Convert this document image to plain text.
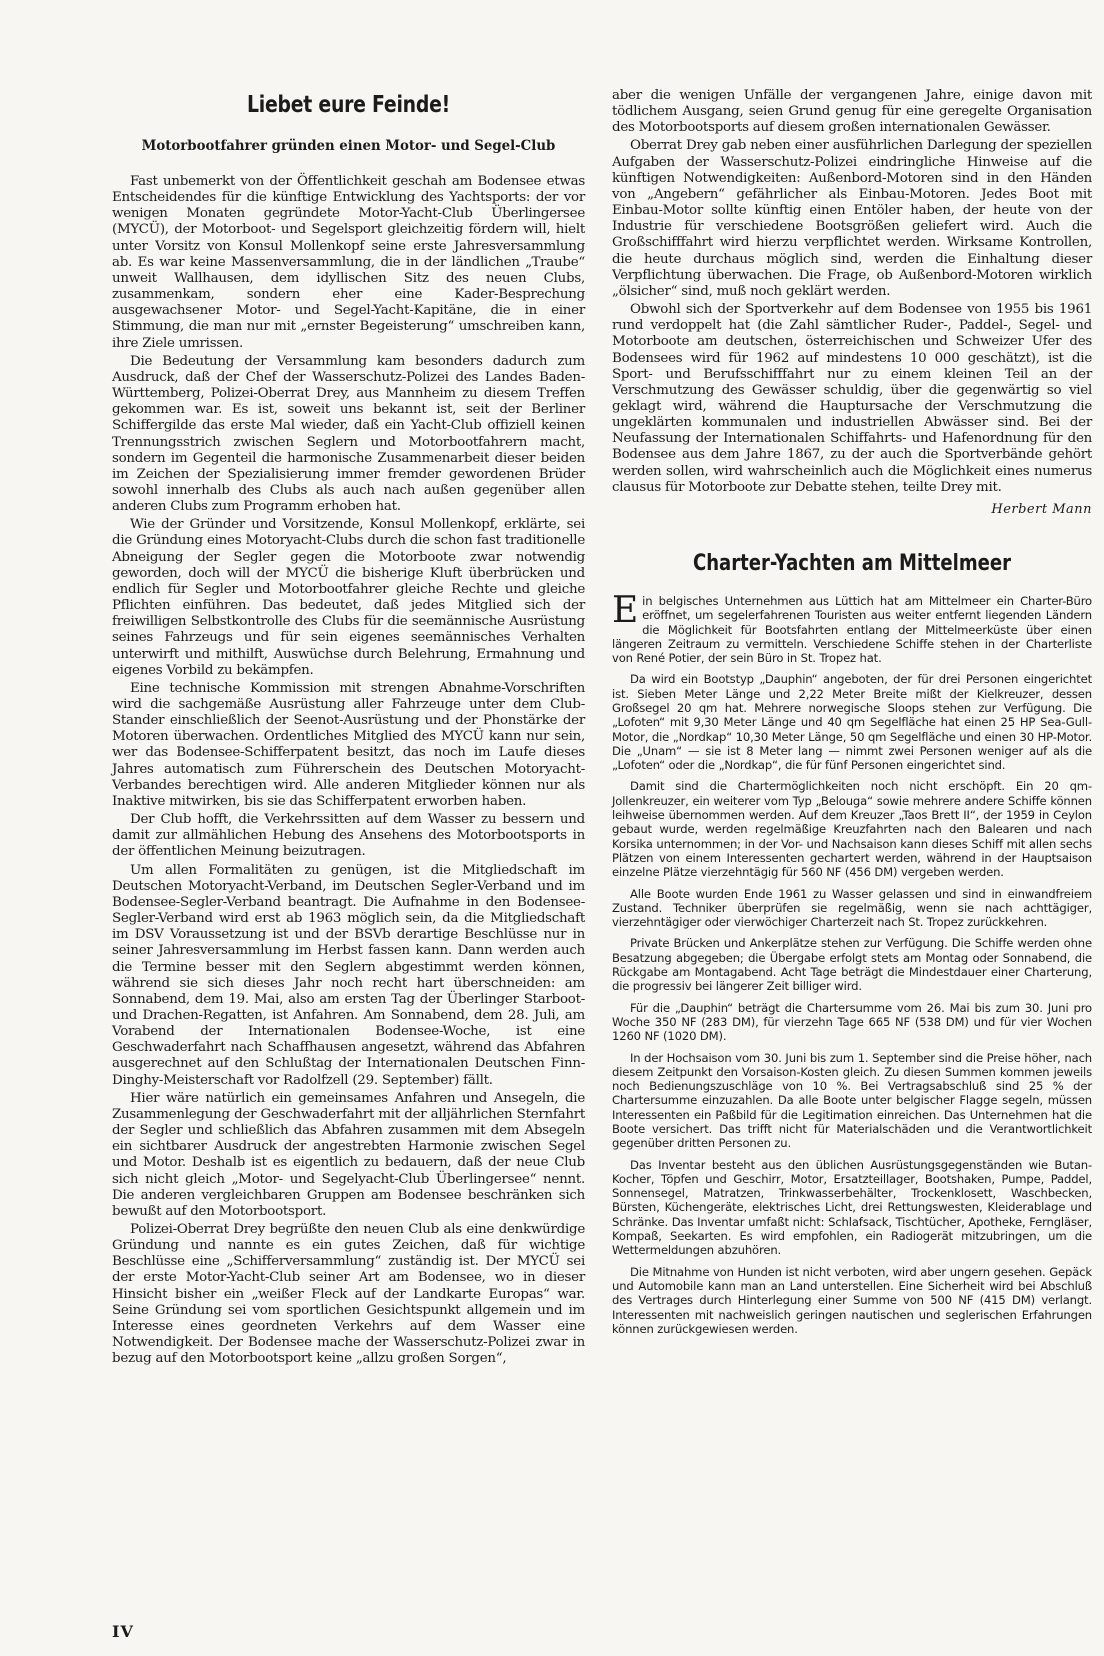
Liebet eure Feinde!
Motorbootfahrer gründen einen Motor- und Segel-Club

Fast unbemerkt von der Öffentlichkeit geschah am Bodensee etwas Entscheidendes für die künftige Entwicklung des Yachtsports: der vor wenigen Monaten gegründete Motor-Yacht-Club Überlingersee (MYCÜ), der Motorboot- und Segelsport gleichzeitig fördern will, hielt unter Vorsitz von Konsul Mollenkopf seine erste Jahresversammlung ab. Es war keine Massenversammlung, die in der ländlichen „Traube“ unweit Wallhausen, dem idyllischen Sitz des neuen Clubs, zusammenkam, sondern eher eine Kader-Besprechung ausgewachsener Motor- und Segel-Yacht-Kapitäne, die in einer Stimmung, die man nur mit „ernster Begeisterung“ umschreiben kann, ihre Ziele umrissen.

Die Bedeutung der Versammlung kam besonders dadurch zum Ausdruck, daß der Chef der Wasserschutz-Polizei des Landes Baden-Württemberg, Polizei-Oberrat Drey, aus Mannheim zu diesem Treffen gekommen war. Es ist, soweit uns bekannt ist, seit der Berliner Schiffergilde das erste Mal wieder, daß ein Yacht-Club offiziell keinen Trennungsstrich zwischen Seglern und Motorbootfahrern macht, sondern im Gegenteil die harmonische Zusammenarbeit dieser beiden im Zeichen der Spezialisierung immer fremder gewordenen Brüder sowohl innerhalb des Clubs als auch nach außen gegenüber allen anderen Clubs zum Programm erhoben hat.

Wie der Gründer und Vorsitzende, Konsul Mollenkopf, erklärte, sei die Gründung eines Motoryacht-Clubs durch die schon fast traditionelle Abneigung der Segler gegen die Motorboote zwar notwendig geworden, doch will der MYCÜ die bisherige Kluft überbrücken und endlich für Segler und Motorbootfahrer gleiche Rechte und gleiche Pflichten einführen. Das bedeutet, daß jedes Mitglied sich der freiwilligen Selbstkontrolle des Clubs für die seemännische Ausrüstung seines Fahrzeugs und für sein eigenes seemännisches Verhalten unterwirft und mithilft, Auswüchse durch Belehrung, Ermahnung und eigenes Vorbild zu bekämpfen.

Eine technische Kommission mit strengen Abnahme-Vorschriften wird die sachgemäße Ausrüstung aller Fahrzeuge unter dem Club-Stander einschließlich der Seenot-Ausrüstung und der Phonstärke der Motoren überwachen. Ordentliches Mitglied des MYCÜ kann nur sein, wer das Bodensee-Schifferpatent besitzt, das noch im Laufe dieses Jahres automatisch zum Führerschein des Deutschen Motoryacht-Verbandes berechtigen wird. Alle anderen Mitglieder können nur als Inaktive mitwirken, bis sie das Schifferpatent erworben haben.

Der Club hofft, die Verkehrssitten auf dem Wasser zu bessern und damit zur allmählichen Hebung des Ansehens des Motorbootsports in der öffentlichen Meinung beizutragen.

Um allen Formalitäten zu genügen, ist die Mitgliedschaft im Deutschen Motoryacht-Verband, im Deutschen Segler-Verband und im Bodensee-Segler-Verband beantragt. Die Aufnahme in den Bodensee-Segler-Verband wird erst ab 1963 möglich sein, da die Mitgliedschaft im DSV Voraussetzung ist und der BSVb derartige Beschlüsse nur in seiner Jahresversammlung im Herbst fassen kann. Dann werden auch die Termine besser mit den Seglern abgestimmt werden können, während sie sich dieses Jahr noch recht hart überschneiden: am Sonnabend, dem 19. Mai, also am ersten Tag der Überlinger Starboot- und Drachen-Regatten, ist Anfahren. Am Sonnabend, dem 28. Juli, am Vorabend der Internationalen Bodensee-Woche, ist eine Geschwaderfahrt nach Schaffhausen angesetzt, während das Abfahren ausgerechnet auf den Schlußtag der Internationalen Deutschen Finn-Dinghy-Meisterschaft vor Radolfzell (29. September) fällt.

Hier wäre natürlich ein gemeinsames Anfahren und Ansegeln, die Zusammenlegung der Geschwaderfahrt mit der alljährlichen Sternfahrt der Segler und schließlich das Abfahren zusammen mit dem Absegeln ein sichtbarer Ausdruck der angestrebten Harmonie zwischen Segel und Motor. Deshalb ist es eigentlich zu bedauern, daß der neue Club sich nicht gleich „Motor- und Segelyacht-Club Überlingersee“ nennt. Die anderen vergleichbaren Gruppen am Bodensee beschränken sich bewußt auf den Motorbootsport.

Polizei-Oberrat Drey begrüßte den neuen Club als eine denkwürdige Gründung und nannte es ein gutes Zeichen, daß für wichtige Beschlüsse eine „Schifferversammlung“ zuständig ist. Der MYCÜ sei der erste Motor-Yacht-Club seiner Art am Bodensee, wo in dieser Hinsicht bisher ein „weißer Fleck auf der Landkarte Europas“ war. Seine Gründung sei vom sportlichen Gesichtspunkt allgemein und im Interesse eines geordneten Verkehrs auf dem Wasser eine Notwendigkeit. Der Bodensee mache der Wasserschutz-Polizei zwar in bezug auf den Motorbootsport keine „allzu großen Sorgen“,

aber die wenigen Unfälle der vergangenen Jahre, einige davon mit tödlichem Ausgang, seien Grund genug für eine geregelte Organisation des Motorbootsports auf diesem großen internationalen Gewässer.

Oberrat Drey gab neben einer ausführlichen Darlegung der speziellen Aufgaben der Wasserschutz-Polizei eindringliche Hinweise auf die künftigen Notwendigkeiten: Außenbord-Motoren sind in den Händen von „Angebern“ gefährlicher als Einbau-Motoren. Jedes Boot mit Einbau-Motor sollte künftig einen Entöler haben, der heute von der Industrie für verschiedene Bootsgrößen geliefert wird. Auch die Großschifffahrt wird hierzu verpflichtet werden. Wirksame Kontrollen, die heute durchaus möglich sind, werden die Einhaltung dieser Verpflichtung überwachen. Die Frage, ob Außenbord-Motoren wirklich „ölsicher“ sind, muß noch geklärt werden.

Obwohl sich der Sportverkehr auf dem Bodensee von 1955 bis 1961 rund verdoppelt hat (die Zahl sämtlicher Ruder-, Paddel-, Segel- und Motorboote am deutschen, österreichischen und Schweizer Ufer des Bodensees wird für 1962 auf mindestens 10 000 geschätzt), ist die Sport- und Berufsschifffahrt nur zu einem kleinen Teil an der Verschmutzung des Gewässer schuldig, über die gegenwärtig so viel geklagt wird, während die Hauptursache der Verschmutzung die ungeklärten kommunalen und industriellen Abwässer sind. Bei der Neufassung der Internationalen Schiffahrts- und Hafenordnung für den Bodensee aus dem Jahre 1867, zu der auch die Sportverbände gehört werden sollen, wird wahrscheinlich auch die Möglichkeit eines numerus clausus für Motorboote zur Debatte stehen, teilte Drey mit.

Herbert Mann

Charter-Yachten am Mittelmeer

Ein belgisches Unternehmen aus Lüttich hat am Mittelmeer ein Charter-Büro eröffnet, um segelerfahrenen Touristen aus weiter entfernt liegenden Ländern die Möglichkeit für Bootsfahrten entlang der Mittelmeerküste über einen längeren Zeitraum zu vermitteln. Verschiedene Schiffe stehen in der Charterliste von René Potier, der sein Büro in St. Tropez hat.

Da wird ein Bootstyp „Dauphin“ angeboten, der für drei Personen eingerichtet ist. Sieben Meter Länge und 2,22 Meter Breite mißt der Kielkreuzer, dessen Großsegel 20 qm hat. Mehrere norwegische Sloops stehen zur Verfügung. Die „Lofoten“ mit 9,30 Meter Länge und 40 qm Segelfläche hat einen 25 HP Sea-Gull-Motor, die „Nordkap“ 10,30 Meter Länge, 50 qm Segelfläche und einen 30 HP-Motor. Die „Unam“ — sie ist 8 Meter lang — nimmt zwei Personen weniger auf als die „Lofoten“ oder die „Nordkap“, die für fünf Personen eingerichtet sind.

Damit sind die Chartermöglichkeiten noch nicht erschöpft. Ein 20 qm-Jollenkreuzer, ein weiterer vom Typ „Belouga“ sowie mehrere andere Schiffe können leihweise übernommen werden. Auf dem Kreuzer „Taos Brett II“, der 1959 in Ceylon gebaut wurde, werden regelmäßige Kreuzfahrten nach den Balearen und nach Korsika unternommen; in der Vor- und Nachsaison kann dieses Schiff mit allen sechs Plätzen von einem Interessenten gechartert werden, während in der Hauptsaison einzelne Plätze vierzehntägig für 560 NF (456 DM) vergeben werden.

Alle Boote wurden Ende 1961 zu Wasser gelassen und sind in einwandfreiem Zustand. Techniker überprüfen sie regelmäßig, wenn sie nach achttägiger, vierzehntägiger oder vierwöchiger Charterzeit nach St. Tropez zurückkehren.

Private Brücken und Ankerplätze stehen zur Verfügung. Die Schiffe werden ohne Besatzung abgegeben; die Übergabe erfolgt stets am Montag oder Sonnabend, die Rückgabe am Montagabend. Acht Tage beträgt die Mindestdauer einer Charterung, die progressiv bei längerer Zeit billiger wird.

Für die „Dauphin“ beträgt die Chartersumme vom 26. Mai bis zum 30. Juni pro Woche 350 NF (283 DM), für vierzehn Tage 665 NF (538 DM) und für vier Wochen 1260 NF (1020 DM).

In der Hochsaison vom 30. Juni bis zum 1. September sind die Preise höher, nach diesem Zeitpunkt den Vorsaison-Kosten gleich. Zu diesen Summen kommen jeweils noch Bedienungszuschläge von 10 %. Bei Vertragsabschluß sind 25 % der Chartersumme einzuzahlen. Da alle Boote unter belgischer Flagge segeln, müssen Interessenten ein Paßbild für die Legitimation einreichen. Das Unternehmen hat die Boote versichert. Das trifft nicht für Materialschäden und die Verantwortlichkeit gegenüber dritten Personen zu.

Das Inventar besteht aus den üblichen Ausrüstungsgegenständen wie Butan-Kocher, Töpfen und Geschirr, Motor, Ersatzteillager, Bootshaken, Pumpe, Paddel, Sonnensegel, Matratzen, Trinkwasserbehälter, Trockenklosett, Waschbecken, Bürsten, Küchengeräte, elektrisches Licht, drei Rettungswesten, Kleiderablage und Schränke. Das Inventar umfaßt nicht: Schlafsack, Tischtücher, Apotheke, Ferngläser, Kompaß, Seekarten. Es wird empfohlen, ein Radiogerät mitzubringen, um die Wettermeldungen abzuhören.

Die Mitnahme von Hunden ist nicht verboten, wird aber ungern gesehen. Gepäck und Automobile kann man an Land unterstellen. Eine Sicherheit wird bei Abschluß des Vertrages durch Hinterlegung einer Summe von 500 NF (415 DM) verlangt. Interessenten mit nachweislich geringen nautischen und seglerischen Erfahrungen können zurückgewiesen werden.

IV
